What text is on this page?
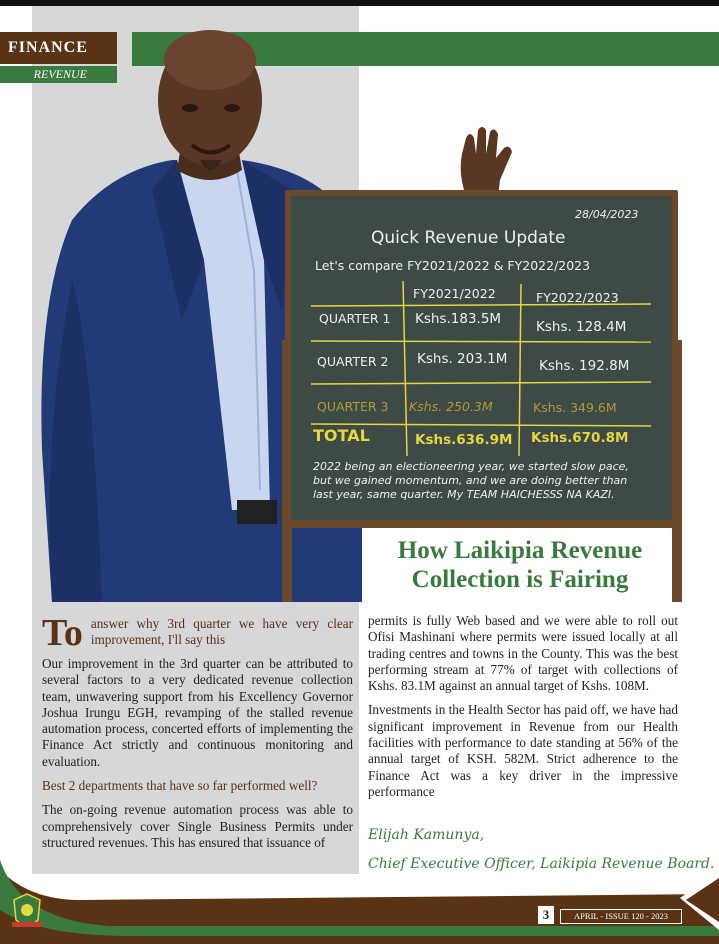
FINANCE
REVENUE
28/04/2023
Quick Revenue Update
Let's compare FY2021/2022 & FY2022/2023
FY2021/2022	FY2022/2023
QUARTER 1 Kshs.183.5M	Kshs. 128.4M
QUARTER 2 Kshs. 203.1M Kshs. 192.8M
QUARTER 3 Kshs. 250.3M	Kshs. 349.6M
TOTAL	Kshs.636.9M Kshs.670.8M
2022 being an electioneering year, we started slow pace,
but we gained momentum, and we are doing better than
last year, same quarter. My TEAM HAICHESSS NA KAZI.
How Laikipia Revenue
Collection is Fairing
To answer why 3rd quarter we have very clear improvement, I'll say this

Our improvement in the 3rd quarter can be attributed to several factors to a very dedicated revenue collection team, unwavering support from his Excellency Governor Joshua Irungu EGH, revamping of the stalled revenue automation process, concerted efforts of implementing the Finance Act strictly and continuous monitoring and evaluation.

Best 2 departments that have so far performed well?

The on-going revenue automation process was able to comprehensively cover Single Business Permits under structured revenues. This has ensured that issuance of

permits is fully Web based and we were able to roll out Ofisi Mashinani where permits were issued locally at all trading centres and towns in the County. This was the best performing stream at 77% of target with collections of Kshs. 83.1M against an annual target of Kshs. 108M.

Investments in the Health Sector has paid off, we have had significant improvement in Revenue from our Health facilities with performance to date standing at 56% of the annual target of KSH. 582M. Strict adherence to the Finance Act was a key driver in the impressive performance

Elijah Kamunya,
Chief Executive Officer, Laikipia Revenue Board.
3	APRIL - ISSUE 120 - 2023
